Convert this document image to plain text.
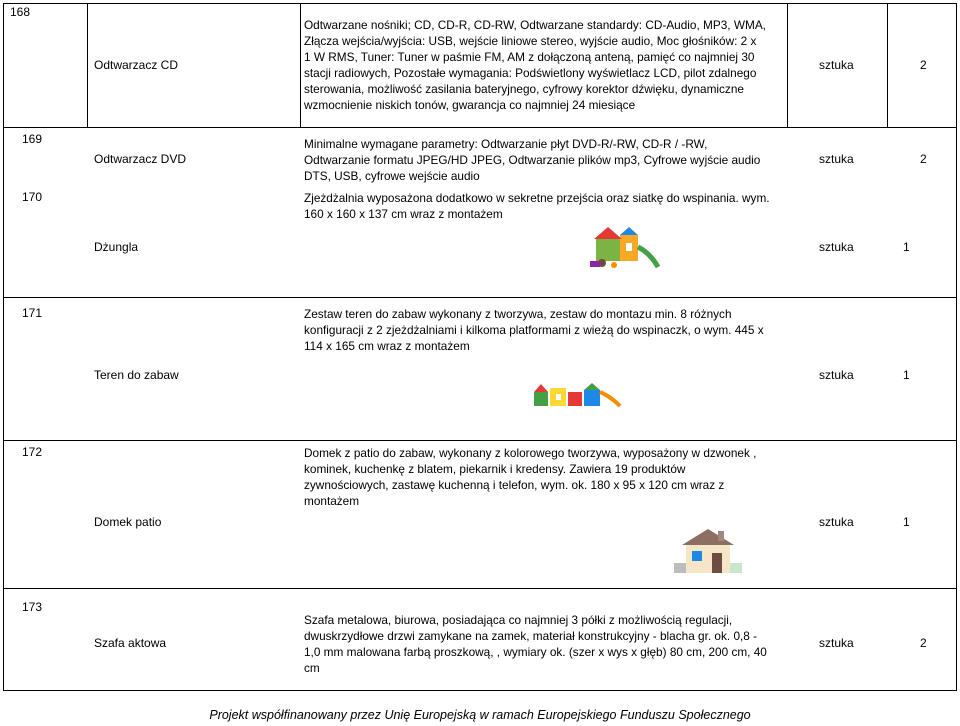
168
Odtwarzacz CD
Odtwarzane nośniki; CD, CD-R, CD-RW, Odtwarzane standardy: CD-Audio, MP3, WMA,
Złącza wejścia/wyjścia: USB, wejście liniowe stereo, wyjście audio, Moc głośników: 2 x
1 W RMS, Tuner: Tuner w paśmie FM, AM z dołączoną anteną, pamięć co najmniej 30
stacji radiowych, Pozostałe wymagania: Podświetlony wyświetlacz LCD, pilot zdalnego
sterowania, możliwość zasilania bateryjnego, cyfrowy korektor dźwięku, dynamiczne
wzmocnienie niskich tonów, gwarancja co najmniej 24 miesiące
sztuka	2
169
Odtwarzacz DVD
Minimalne wymagane parametry: Odtwarzanie płyt DVD-R/-RW, CD-R / -RW,
Odtwarzanie formatu JPEG/HD JPEG, Odtwarzanie plików mp3, Cyfrowe wyjście audio
DTS, USB, cyfrowe wejście audio
sztuka	2
170	Zjeżdżalnia wyposażona dodatkowo w sekretne przejścia oraz siatkę do wspinania. wym.
160 x 160 x 137 cm wraz z montażem
Dżungla	sztuka	1
171	Zestaw teren do zabaw wykonany z tworzywa, zestaw do montazu min. 8 różnych
konfiguracji z 2 zjeżdżalniami i kilkoma platformami z wieżą do wspinaczk, o wym. 445 x
114 x 165 cm wraz z montażem
Teren do zabaw	sztuka	1
172	Domek z patio do zabaw, wykonany z kolorowego tworzywa, wyposażony w dzwonek ,
kominek, kuchenkę z blatem, piekarnik i kredensy. Zawiera 19 produktów
zywnościowych, zastawę kuchenną i telefon, wym. ok. 180 x 95 x 120 cm wraz z
montażem
Domek patio	sztuka	1
173
Szafa aktowa
Szafa metalowa, biurowa, posiadająca co najmniej 3 półki z możliwością regulacji,
dwuskrzydłowe drzwi zamykane na zamek, materiał konstrukcyjny - blacha gr. ok. 0,8 -
1,0 mm malowana farbą proszkową, , wymiary ok. (szer x wys x głęb) 80 cm, 200 cm, 40
cm
sztuka	2
Projekt współfinanowany przez Unię Europejską w ramach Europejskiego Funduszu Społecznego
